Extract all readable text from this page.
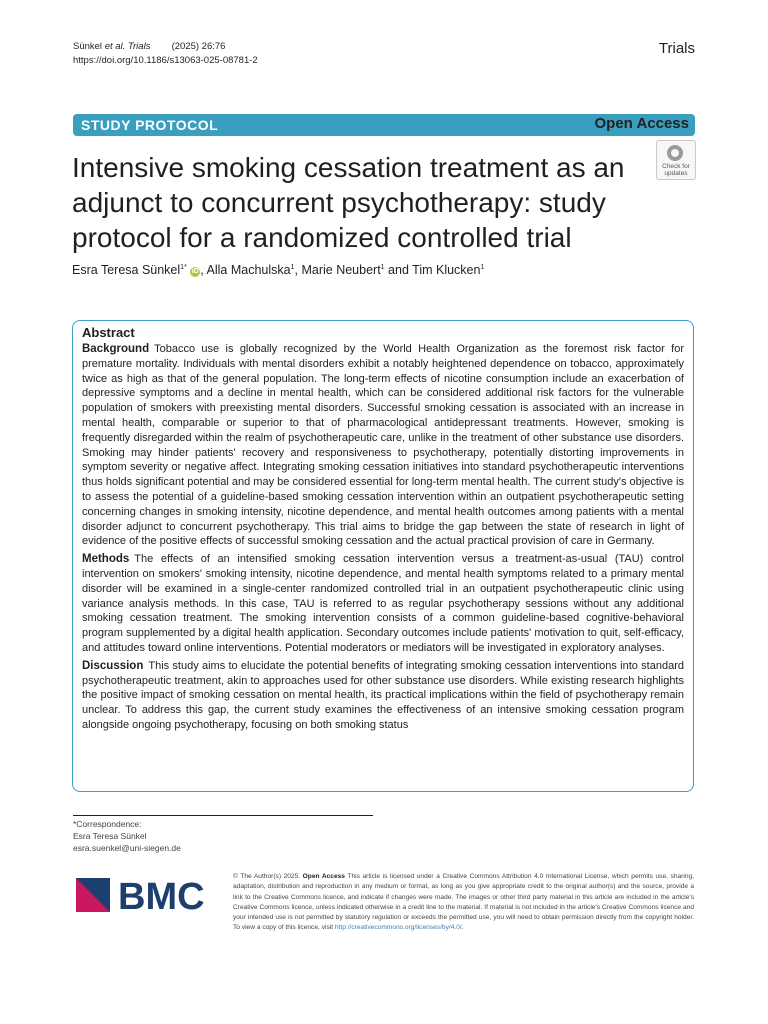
Sünkel et al. Trials (2025) 26:76
https://doi.org/10.1186/s13063-025-08781-2
Trials
STUDY PROTOCOL	Open Access
Intensive smoking cessation treatment as an adjunct to concurrent psychotherapy: study protocol for a randomized controlled trial
Check for
updates
Esra Teresa Sünkel$^{1*}$ iD , Alla Machulska$^1$, Marie Neubert$^1$ and Tim Klucken$^1$
Abstract

Background Tobacco use is globally recognized by the World Health Organization as the foremost risk factor for premature mortality. Individuals with mental disorders exhibit a notably heightened dependence on tobacco, approximately twice as high as that of the general population. The long-term effects of nicotine consumption include an exacerbation of depressive symptoms and a decline in mental health, which can be considered additional risk factors for the vulnerable population of smokers with preexisting mental disorders. Successful smoking cessation is associated with an increase in mental health, comparable or superior to that of pharmacological antidepressant treatments. However, smoking is frequently disregarded within the realm of psychotherapeutic care, unlike in the treatment of other substance use disorders. Smoking may hinder patients' recovery and responsiveness to psychotherapy, potentially distorting improvements in symptom severity or negative affect. Integrating smoking cessation initiatives into standard psychotherapeutic interventions thus holds significant potential and may be considered essential for long-term mental health. The current study's objective is to assess the potential of a guideline-based smoking cessation intervention within an outpatient psychotherapeutic setting concerning changes in smoking intensity, nicotine dependence, and mental health outcomes among patients with a mental disorder adjunct to concurrent psychotherapy. This trial aims to bridge the gap between the state of research in light of evidence of the positive effects of successful smoking cessation and the actual practical provision of care in Germany.

Methods The effects of an intensified smoking cessation intervention versus a treatment-as-usual (TAU) control intervention on smokers' smoking intensity, nicotine dependence, and mental health symptoms related to a primary mental disorder will be examined in a single-center randomized controlled trial in an outpatient psychotherapeutic clinic using variance analysis methods. In this case, TAU is referred to as regular psychotherapy sessions without any additional smoking cessation treatment. The smoking intervention consists of a common guideline-based cognitive-behavioral program supplemented by a digital health application. Secondary outcomes include patients' motivation to quit, self-efficacy, and attitudes toward online interventions. Potential moderators or mediators will be investigated in exploratory analyses.

Discussion This study aims to elucidate the potential benefits of integrating smoking cessation interventions into standard psychotherapeutic treatment, akin to approaches used for other substance use disorders. While existing research highlights the positive impact of smoking cessation on mental health, its practical implications within the field of psychotherapy remain unclear. To address this gap, the current study examines the effectiveness of an intensive smoking cessation program alongside ongoing psychotherapy, focusing on both smoking status

*Correspondence:
Esra Teresa Sünkel
esra.suenkel@uni-siegen.de
BMC	© The Author(s) 2025. Open Access This article is licensed under a Creative Commons Attribution 4.0 International License, which permits use, sharing, adaptation, distribution and reproduction in any medium or format, as long as you give appropriate credit to the original author(s) and the source, provide a link to the Creative Commons licence, and indicate if changes were made. The images or other third party material in this article are included in the article's Creative Commons licence, unless indicated otherwise in a credit line to the material. If material is not included in the article's Creative Commons licence and your intended use is not permitted by statutory regulation or exceeds the permitted use, you will need to obtain permission directly from the copyright holder. To view a copy of this licence, visit http://creativecommons.org/licenses/by/4.0/.
